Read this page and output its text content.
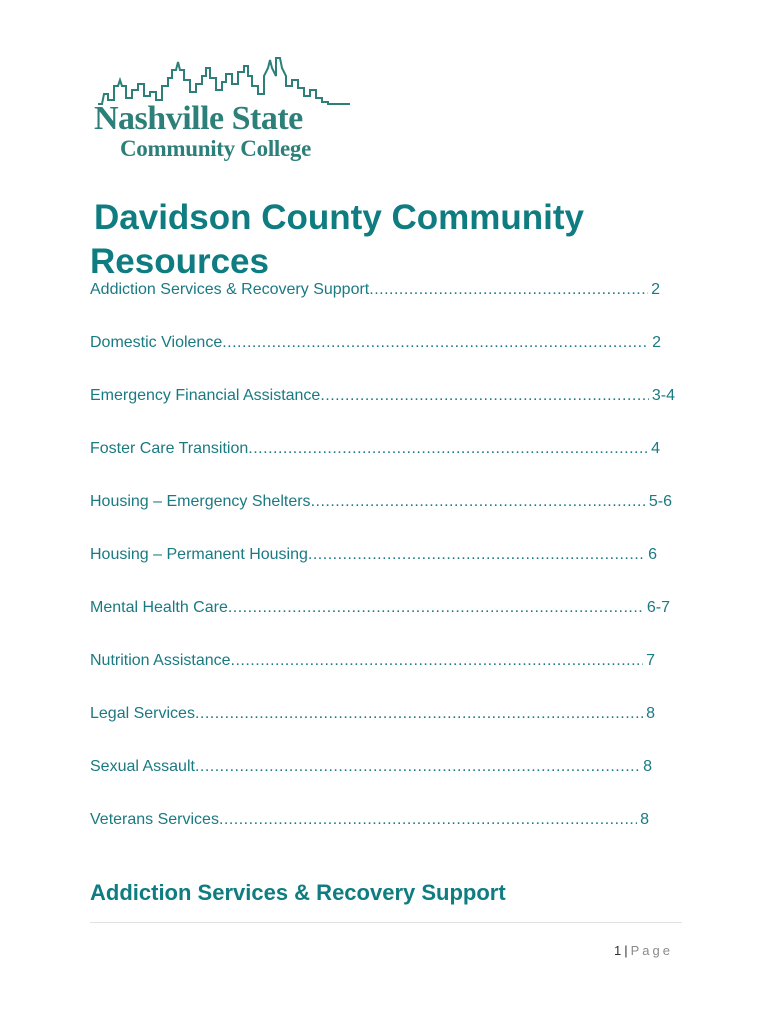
Nashville State
Community College
Davidson County Community
Resources
Addiction Services & Recovery Support .....	2
Domestic Violence .....	2
Emergency Financial Assistance .....	3-4
Foster Care Transition .....	4
Housing – Emergency Shelters .....	5-6
Housing – Permanent Housing .....	6
Mental Health Care .....	6-7
Nutrition Assistance .....	7
Legal Services .....	8
Sexual Assault .....	8
Veterans Services .....	8
Addiction Services & Recovery Support
1 | Page
